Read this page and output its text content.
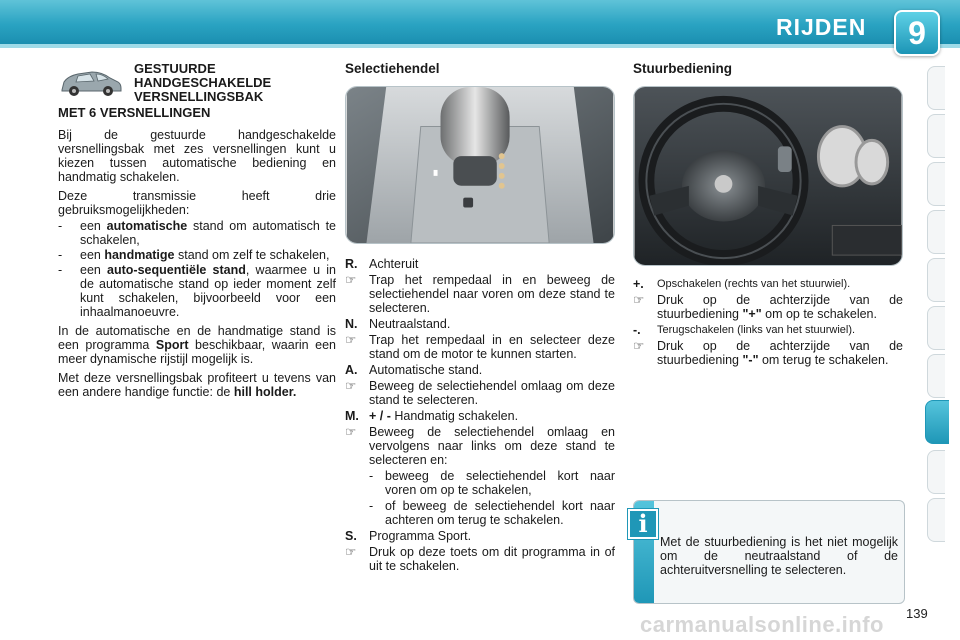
RIJDEN	9
GESTUURDE
HANDGESCHAKELDE
VERSNELLINGSBAK
MET 6 VERSNELLINGEN

Bij de gestuurde handgeschakelde versnellingsbak met zes versnellingen kunt u kiezen tussen automatische bediening en handmatig schakelen.

Deze transmissie heeft drie gebruiksmogelijkheden:

-	een automatische stand om automatisch te schakelen,
-	een handmatige stand om zelf te schakelen,
-	een auto-sequentiële stand, waarmee u in de automatische stand op ieder moment zelf kunt schakelen, bijvoorbeeld voor een inhaalmanoeuvre.

In de automatische en de handmatige stand is een programma Sport beschikbaar, waarin een meer dynamische rijstijl mogelijk is.

Met deze versnellingsbak profiteert u tevens van een andere handige functie: de hill holder.

Selectiehendel
R. Achteruit
☞	Trap het rempedaal in en beweeg de selectiehendel naar voren om deze stand te selecteren.
N. Neutraalstand.
☞	Trap het rempedaal in en selecteer deze stand om de motor te kunnen starten.
A. Automatische stand.
☞	Beweeg de selectiehendel omlaag om deze stand te selecteren.
M. + / - Handmatig schakelen.
☞	Beweeg de selectiehendel omlaag en vervolgens naar links om deze stand te selecteren en:
- beweeg de selectiehendel kort naar voren om op te schakelen,
- of beweeg de selectiehendel kort naar achteren om terug te schakelen.
S. Programma Sport.
☞	Druk op deze toets om dit programma in of uit te schakelen.
Stuurbediening
+.	Opschakelen (rechts van het stuurwiel).
☞	Druk op de achterzijde van de stuurbediening "+" om op te schakelen.
-.	Terugschakelen (links van het stuurwiel).
☞	Druk op de achterzijde van de stuurbediening "-" om terug te schakelen.
i
Met de stuurbediening is het niet mogelijk om de neutraalstand of de achteruitversnelling te selecteren.
carmanualsonline.info 139
